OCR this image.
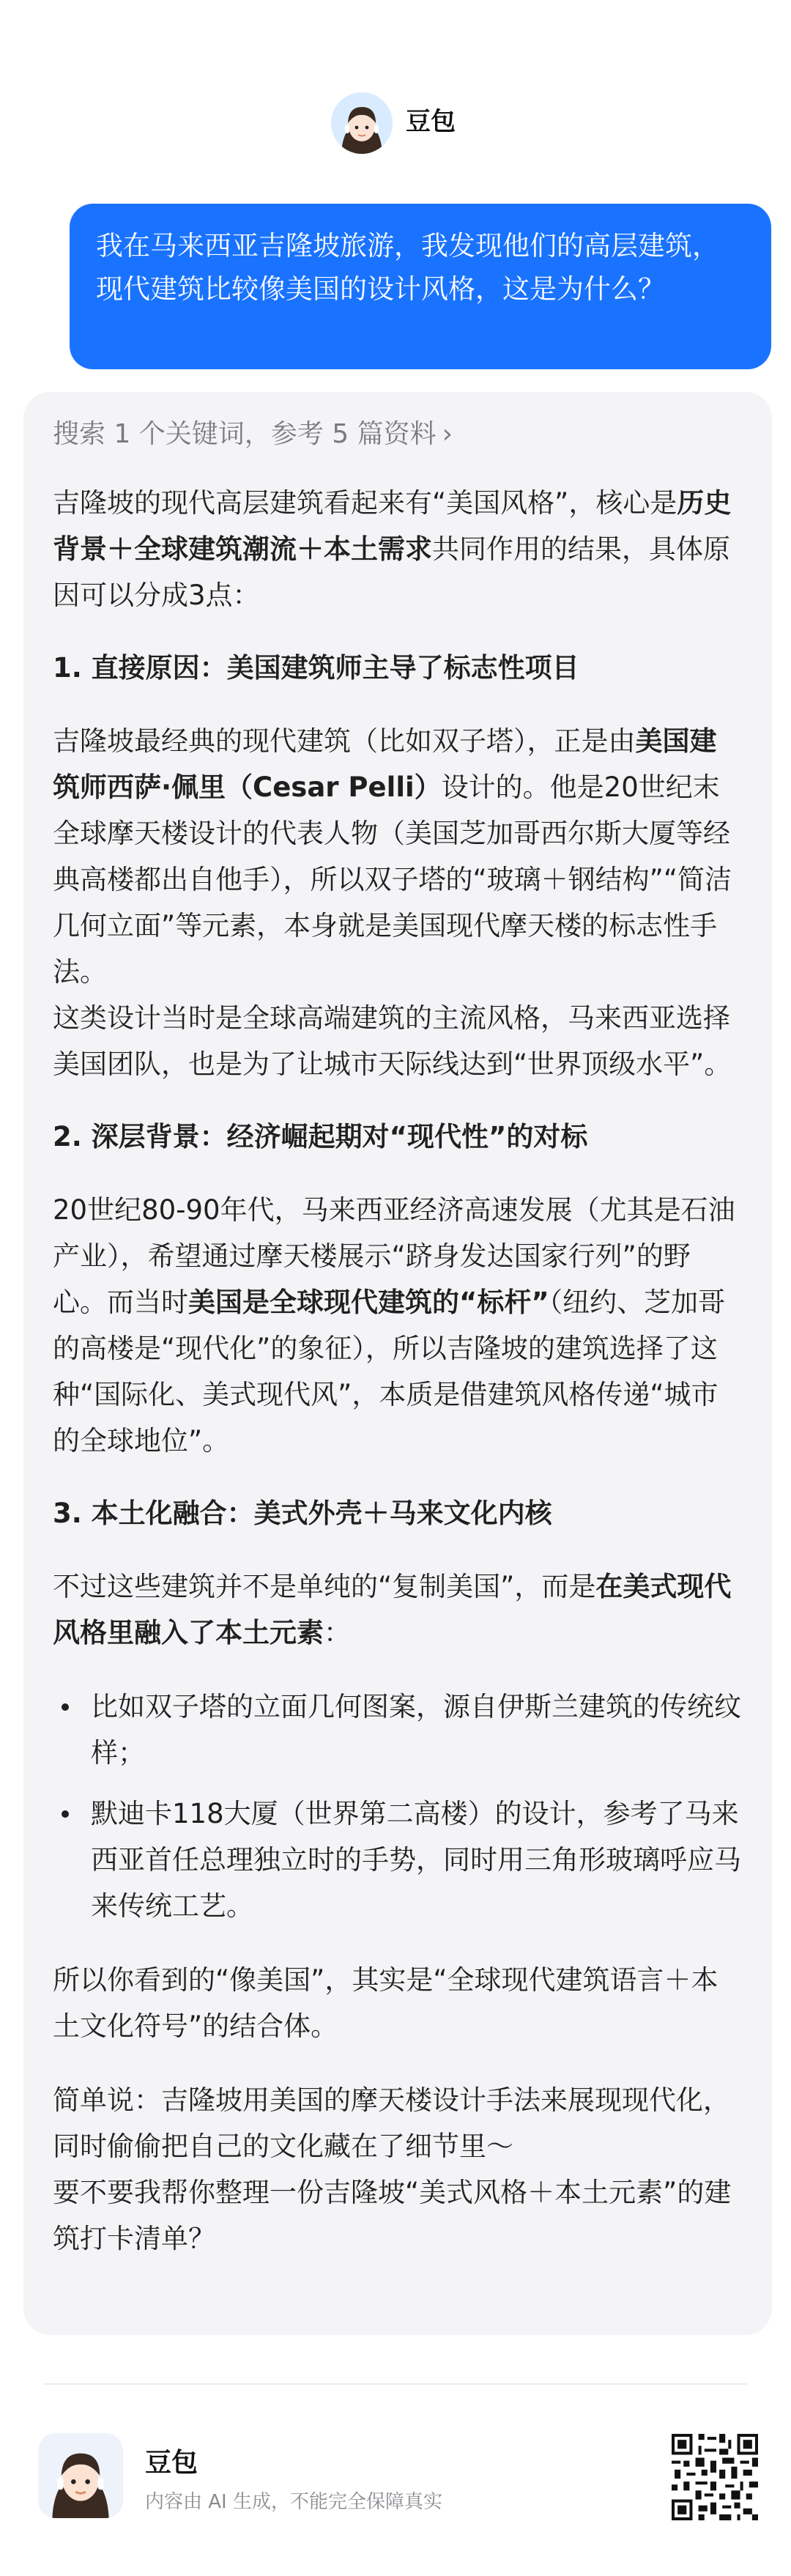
豆包
我在马来西亚吉隆坡旅游，我发现他们的高层建筑，现代建筑比较像美国的设计风格，这是为什么？
搜索 1 个关键词，参考 5 篇资料 ›

吉隆坡的现代高层建筑看起来有“美国风格”，核心是历史背景＋全球建筑潮流＋本土需求共同作用的结果，具体原因可以分成3点：

1. 直接原因：美国建筑师主导了标志性项目

吉隆坡最经典的现代建筑（比如双子塔），正是由美国建筑师西萨·佩里（Cesar Pelli）设计的。他是20世纪末全球摩天楼设计的代表人物（美国芝加哥西尔斯大厦等经典高楼都出自他手），所以双子塔的“玻璃＋钢结构”“简洁几何立面”等元素，本身就是美国现代摩天楼的标志性手法。

这类设计当时是全球高端建筑的主流风格，马来西亚选择美国团队，也是为了让城市天际线达到“世界顶级水平”。

2. 深层背景：经济崛起期对“现代性”的对标

20世纪80-90年代，马来西亚经济高速发展（尤其是石油产业），希望通过摩天楼展示“跻身发达国家行列”的野心。而当时美国是全球现代建筑的“标杆”（纽约、芝加哥的高楼是“现代化”的象征），所以吉隆坡的建筑选择了这种“国际化、美式现代风”，本质是借建筑风格传递“城市的全球地位”。

3. 本土化融合：美式外壳＋马来文化内核

不过这些建筑并不是单纯的“复制美国”，而是在美式现代风格里融入了本土元素：

比如双子塔的立面几何图案，源自伊斯兰建筑的传统纹样；
默迪卡118大厦（世界第二高楼）的设计，参考了马来西亚首任总理独立时的手势，同时用三角形玻璃呼应马来传统工艺。

所以你看到的“像美国”，其实是“全球现代建筑语言＋本土文化符号”的结合体。

简单说：吉隆坡用美国的摩天楼设计手法来展现现代化，同时偷偷把自己的文化藏在了细节里～

要不要我帮你整理一份吉隆坡“美式风格＋本土元素”的建筑打卡清单？

豆包
内容由 AI 生成，不能完全保障真实
